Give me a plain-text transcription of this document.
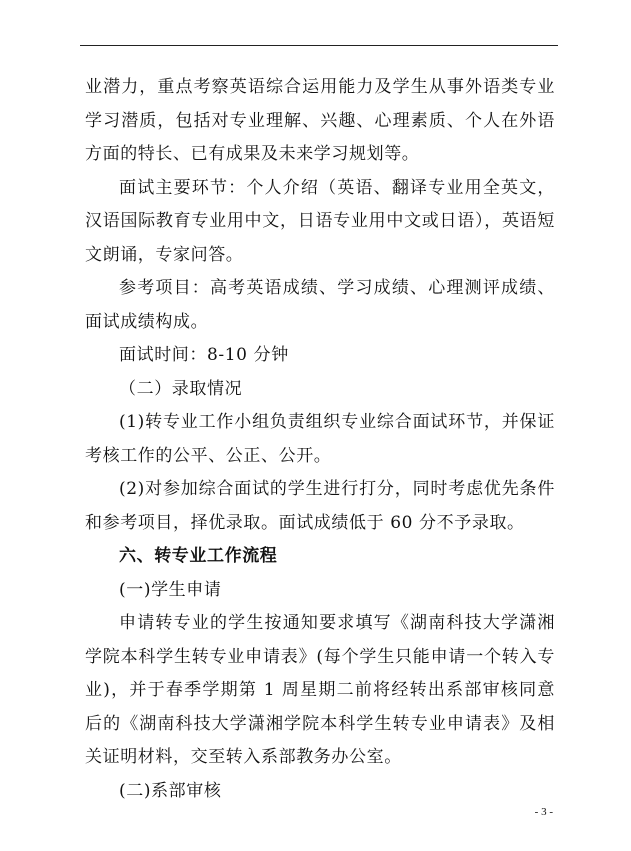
业潜力，重点考察英语综合运用能力及学生从事外语类专业学习潜质，包括对专业理解、兴趣、心理素质、个人在外语方面的特长、已有成果及未来学习规划等。

面试主要环节：个人介绍（英语、翻译专业用全英文，汉语国际教育专业用中文，日语专业用中文或日语），英语短文朗诵，专家问答。

参考项目：高考英语成绩、学习成绩、心理测评成绩、面试成绩构成。

面试时间：8-10 分钟

（二）录取情况

(1)转专业工作小组负责组织专业综合面试环节，并保证考核工作的公平、公正、公开。

(2)对参加综合面试的学生进行打分，同时考虑优先条件和参考项目，择优录取。面试成绩低于 60 分不予录取。

六、转专业工作流程

(一)学生申请

申请转专业的学生按通知要求填写《湖南科技大学潇湘学院本科学生转专业申请表》(每个学生只能申请一个转入专业)，并于春季学期第 1 周星期二前将经转出系部审核同意后的《湖南科技大学潇湘学院本科学生转专业申请表》及相关证明材料，交至转入系部教务办公室。

(二)系部审核

- 3 -
